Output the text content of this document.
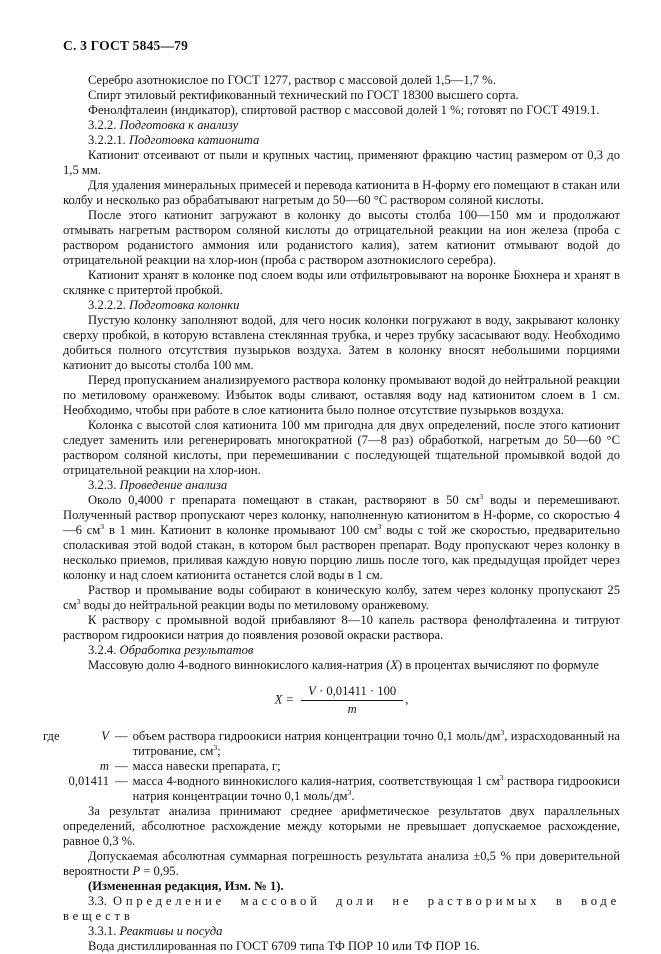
С. 3 ГОСТ 5845—79

Серебро азотнокислое по ГОСТ 1277, раствор с массовой долей 1,5—1,7 %.

Спирт этиловый ректификованный технический по ГОСТ 18300 высшего сорта.

Фенолфталеин (индикатор), спиртовой раствор с массовой долей 1 %; готовят по ГОСТ 4919.1.

3.2.2. Подготовка к анализу

3.2.2.1. Подготовка катионита

Катионит отсеивают от пыли и крупных частиц, применяют фракцию частиц размером от 0,3 до 1,5 мм.

Для удаления минеральных примесей и перевода катионита в Н-форму его помещают в стакан или колбу и несколько раз обрабатывают нагретым до 50—60 °С раствором соляной кислоты.

После этого катионит загружают в колонку до высоты столба 100—150 мм и продолжают отмывать нагретым раствором соляной кислоты до отрицательной реакции на ион железа (проба с раствором роданистого аммония или роданистого калия), затем катионит отмывают водой до отрицательной реакции на хлор-ион (проба с раствором азотнокислого серебра).

Катионит хранят в колонке под слоем воды или отфильтровывают на воронке Бюхнера и хранят в склянке с притертой пробкой.

3.2.2.2. Подготовка колонки

Пустую колонку заполняют водой, для чего носик колонки погружают в воду, закрывают колонку сверху пробкой, в которую вставлена стеклянная трубка, и через трубку засасывают воду. Необходимо добиться полного отсутствия пузырьков воздуха. Затем в колонку вносят небольшими порциями катионит до высоты столба 100 мм.

Перед пропусканием анализируемого раствора колонку промывают водой до нейтральной реакции по метиловому оранжевому. Избыток воды сливают, оставляя воду над катионитом слоем в 1 см. Необходимо, чтобы при работе в слое катионита было полное отсутствие пузырьков воздуха.

Колонка с высотой слоя катионита 100 мм пригодна для двух определений, после этого катионит следует заменить или регенерировать многократной (7—8 раз) обработкой, нагретым до 50—60 °С раствором соляной кислоты, при перемешивании с последующей тщательной промывкой водой до отрицательной реакции на хлор-ион.

3.2.3. Проведение анализа

Около 0,4000 г препарата помещают в стакан, растворяют в 50 $см^3$ воды и перемешивают. Полученный раствор пропускают через колонку, наполненную катионитом в Н-форме, со скоростью 4—6 $см^3$ в 1 мин. Катионит в колонке промывают 100 $см^3$ воды с той же скоростью, предварительно споласкивая этой водой стакан, в котором был растворен препарат. Воду пропускают через колонку в несколько приемов, приливая каждую новую порцию лишь после того, как предыдущая пройдет через колонку и над слоем катионита останется слой воды в 1 см.

Раствор и промывание воды собирают в коническую колбу, затем через колонку пропускают 25 $см^3$ воды до нейтральной реакции воды по метиловому оранжевому.

К раствору с промывной водой прибавляют 8—10 капель раствора фенолфталеина и титруют раствором гидроокиси натрия до появления розовой окраски раствора.

3.2.4. Обработка результатов

Массовую долю 4-водного виннокислого калия-натрия (X) в процентах вычисляют по формуле

$X = \frac{V \cdot 0,01411 \cdot 100}{m}$ ,
где	V — объем раствора гидроокиси натрия концентрации точно 0,1 моль/$дм^3$, израсходованный на титрование, $см^3$;
m — масса навески препарата, г;
0,01411 — масса 4-водного виннокислого калия-натрия, соответствующая 1 $см^3$ раствора гидроокиси натрия концентрации точно 0,1 моль/$дм^3$.

За результат анализа принимают среднее арифметическое результатов двух параллельных определений, абсолютное расхождение между которыми не превышает допускаемое расхождение, равное 0,3 %.

Допускаемая абсолютная суммарная погрешность результата анализа ±0,5 % при доверительной вероятности Р = 0,95.

(Измененная редакция, Изм. № 1).

3.3. Определение массовой доли не растворимых в воде веществ

3.3.1. Реактивы и посуда

Вода дистиллированная по ГОСТ 6709 типа ТФ ПОР 10 или ТФ ПОР 16.
